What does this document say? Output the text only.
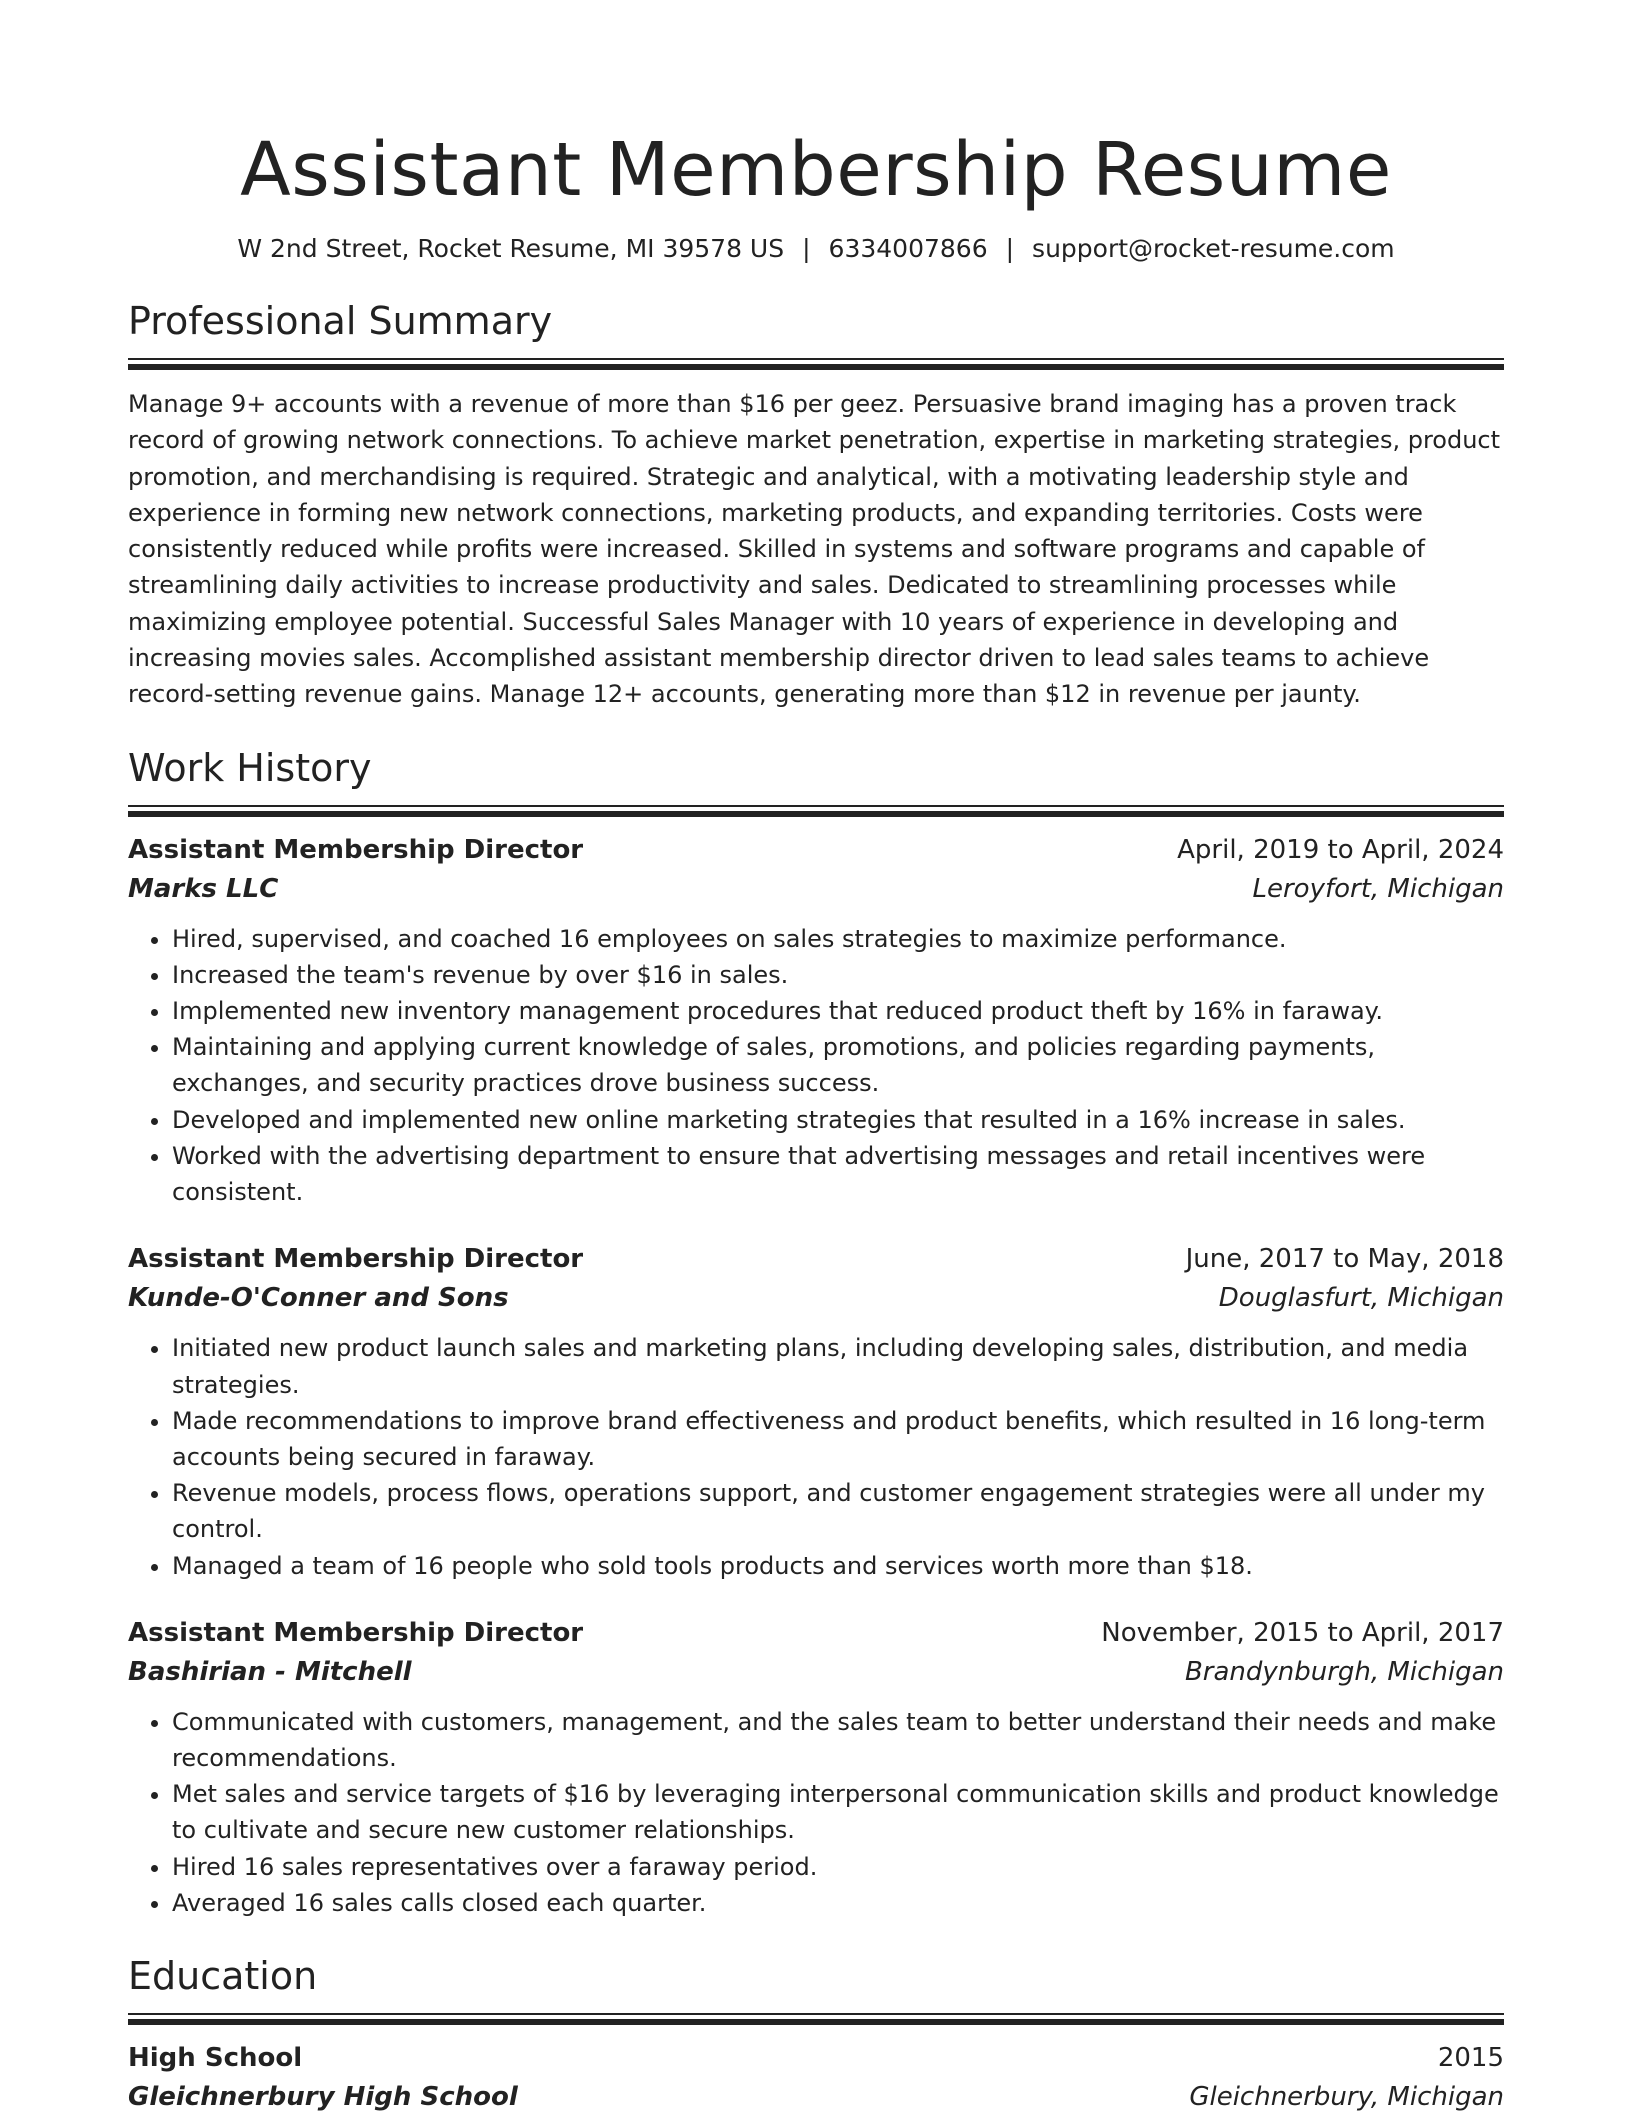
Assistant Membership Resume
W 2nd Street, Rocket Resume, MI 39578 US | 6334007866 | support@rocket-resume.com
Professional Summary

Manage 9+ accounts with a revenue of more than $16 per geez. Persuasive brand imaging has a proven track record of growing network connections. To achieve market penetration, expertise in marketing strategies, product promotion, and merchandising is required. Strategic and analytical, with a motivating leadership style and experience in forming new network connections, marketing products, and expanding territories. Costs were consistently reduced while profits were increased. Skilled in systems and software programs and capable of streamlining daily activities to increase productivity and sales. Dedicated to streamlining processes while maximizing employee potential. Successful Sales Manager with 10 years of experience in developing and increasing movies sales. Accomplished assistant membership director driven to lead sales teams to achieve record-setting revenue gains. Manage 12+ accounts, generating more than $12 in revenue per jaunty.

Work History
Assistant Membership Director	April, 2019 to April, 2024
Marks LLC	Leroyfort, Michigan
• Hired, supervised, and coached 16 employees on sales strategies to maximize performance.
• Increased the team's revenue by over $16 in sales.
• Implemented new inventory management procedures that reduced product theft by 16% in faraway.
• Maintaining and applying current knowledge of sales, promotions, and policies regarding payments, exchanges, and security practices drove business success.
• Developed and implemented new online marketing strategies that resulted in a 16% increase in sales.
• Worked with the advertising department to ensure that advertising messages and retail incentives were consistent.
Assistant Membership Director	June, 2017 to May, 2018
Kunde-O'Conner and Sons	Douglasfurt, Michigan
• Initiated new product launch sales and marketing plans, including developing sales, distribution, and media strategies.
• Made recommendations to improve brand effectiveness and product benefits, which resulted in 16 long-term accounts being secured in faraway.
• Revenue models, process flows, operations support, and customer engagement strategies were all under my control.
• Managed a team of 16 people who sold tools products and services worth more than $18.
Assistant Membership Director	November, 2015 to April, 2017
Bashirian - Mitchell	Brandynburgh, Michigan
• Communicated with customers, management, and the sales team to better understand their needs and make recommendations.
• Met sales and service targets of $16 by leveraging interpersonal communication skills and product knowledge to cultivate and secure new customer relationships.
• Hired 16 sales representatives over a faraway period.
• Averaged 16 sales calls closed each quarter.
Education
High School	2015
Gleichnerbury High School	Gleichnerbury, Michigan
